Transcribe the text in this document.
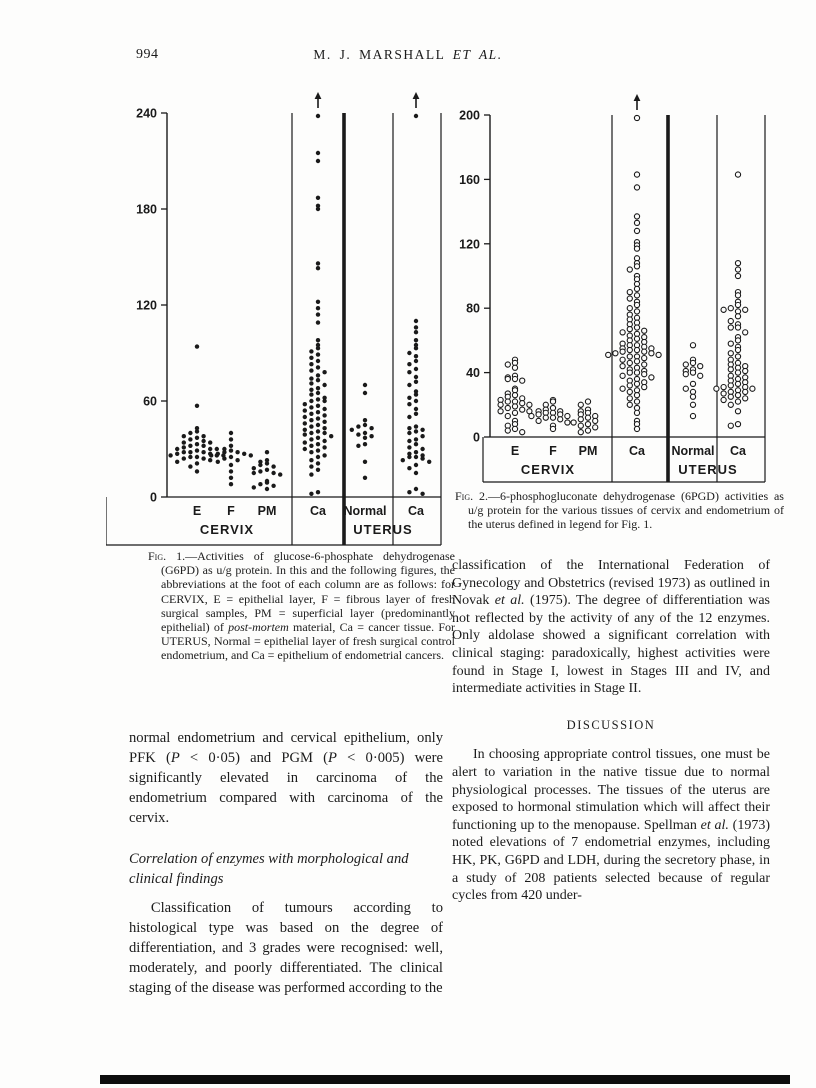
994	M. J. MARSHALL ET AL.
0
60
120
180
240
E F PM	Ca Normal Ca
CERVIX	UTERUS
0
40
80
120
160
200
E F PM	Ca Normal Ca
CERVIX	UTERUS
Fig. 1.—Activities of glucose-6-phosphate dehydrogenase (G6PD) as u/g protein. In this and the following figures, the abbreviations at the foot of each column are as follows: for CERVIX, E = epithelial layer, F = fibrous layer of fresh surgical samples, PM = superficial layer (predominantly epithelial) of post-mortem material, Ca = cancer tissue. For UTERUS, Normal = epithelial layer of fresh surgical control endometrium, and Ca = epithelium of endometrial cancers.
Fig. 2.—6-phosphogluconate dehydrogenase (6PGD) activities as u/g protein for the various tissues of cervix and endometrium of the uterus defined in legend for Fig. 1.

normal endometrium and cervical epithelium, only PFK (P < 0·05) and PGM (P < 0·005) were significantly elevated in carcinoma of the endometrium compared with carcinoma of the cervix.

Correlation of enzymes with morphological and clinical findings

Classification of tumours according to histological type was based on the degree of differentiation, and 3 grades were recognised: well, moderately, and poorly differentiated. The clinical staging of the disease was performed according to the

classification of the International Federation of Gynecology and Obstetrics (revised 1973) as outlined in Novak et al. (1975). The degree of differentiation was not reflected by the activity of any of the 12 enzymes. Only aldolase showed a significant correlation with clinical staging: paradoxically, highest activities were found in Stage I, lowest in Stages III and IV, and intermediate activities in Stage II.

DISCUSSION

In choosing appropriate control tissues, one must be alert to variation in the native tissue due to normal physiological processes. The tissues of the uterus are exposed to hormonal stimulation which will affect their functioning up to the menopause. Spellman et al. (1973) noted elevations of 7 endometrial enzymes, including HK, PK, G6PD and LDH, during the secretory phase, in a study of 208 patients selected because of regular cycles from 420 under-
